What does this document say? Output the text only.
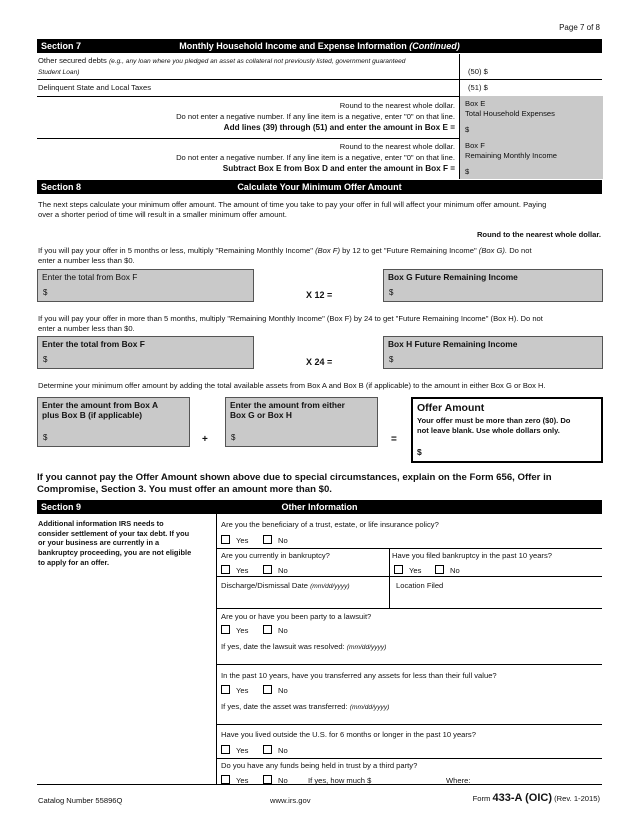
Page 7 of 8
Section 7	Monthly Household Income and Expense Information (Continued)
Other secured debts (e.g., any loan where you pledged an asset as collateral not previously listed, government guaranteed
Student Loan)	(50) $
Delinquent State and Local Taxes	(51) $
Round to the nearest whole dollar.
Do not enter a negative number. If any line item is a negative, enter "0" on that line.
Add lines (39) through (51) and enter the amount in Box E =
Box E
Total Household Expenses
$
Round to the nearest whole dollar.
Do not enter a negative number. If any line item is a negative, enter "0" on that line.
Subtract Box E from Box D and enter the amount in Box F =
Box F
Remaining Monthly Income
$
Section 8	Calculate Your Minimum Offer Amount
The next steps calculate your minimum offer amount. The amount of time you take to pay your offer in full will affect your minimum offer amount. Paying
over a shorter period of time will result in a smaller minimum offer amount.
Round to the nearest whole dollar.
If you will pay your offer in 5 months or less, multiply "Remaining Monthly Income" (Box F) by 12 to get "Future Remaining Income" (Box G). Do not
enter a number less than $0.
Enter the total from Box F
$	X 12 =
Box G Future Remaining Income
$
If you will pay your offer in more than 5 months, multiply "Remaining Monthly Income" (Box F) by 24 to get "Future Remaining Income" (Box H). Do not
enter a number less than $0.
Enter the total from Box F
$	X 24 =
Box H Future Remaining Income
$
Determine your minimum offer amount by adding the total available assets from Box A and Box B (if applicable) to the amount in either Box G or Box H.
Enter the amount from Box A
plus Box B (if applicable)
$	+
Enter the amount from either
Box G or Box H
$	=
Offer Amount
Your offer must be more than zero ($0). Do
not leave blank. Use whole dollars only.
$
If you cannot pay the Offer Amount shown above due to special circumstances, explain on the Form 656, Offer in
Compromise, Section 3. You must offer an amount more than $0.
Section 9	Other Information
Additional information IRS needs to
consider settlement of your tax debt. If you
or your business are currently in a
bankruptcy proceeding, you are not eligible
to apply for an offer.
Are you the beneficiary of a trust, estate, or life insurance policy?
Yes	No
Are you currently in bankruptcy?
Yes	No
Have you filed bankruptcy in the past 10 years?
Yes	No
Discharge/Dismissal Date (mm/dd/yyyy)	Location Filed
Are you or have you been party to a lawsuit?
Yes	No
If yes, date the lawsuit was resolved: (mm/dd/yyyy)
In the past 10 years, have you transferred any assets for less than their full value?
Yes	No
If yes, date the asset was transferred: (mm/dd/yyyy)
Have you lived outside the U.S. for 6 months or longer in the past 10 years?
Yes	No
Do you have any funds being held in trust by a third party?
Yes	No	If yes, how much $	Where:
Catalog Number 55896Q	www.irs.gov	Form 433-A (OIC) (Rev. 1-2015)
